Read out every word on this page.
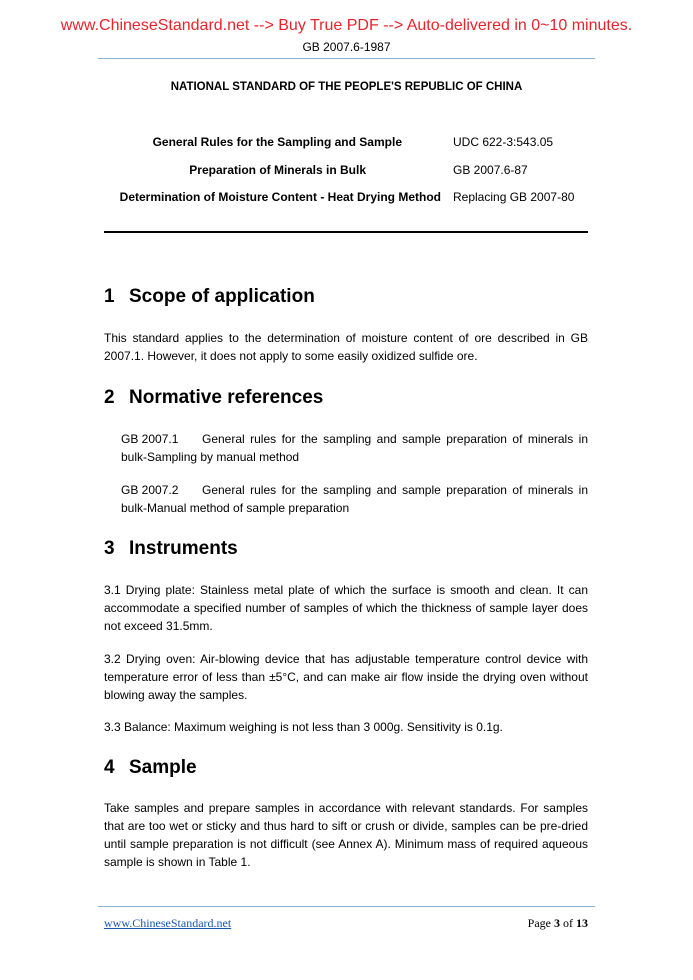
www.ChineseStandard.net --> Buy True PDF --> Auto-delivered in 0~10 minutes.
GB 2007.6-1987
NATIONAL STANDARD OF THE PEOPLE'S REPUBLIC OF CHINA
General Rules for the Sampling and Sample	UDC 622-3:543.05
Preparation of Minerals in Bulk	GB 2007.6-87
Determination of Moisture Content - Heat Drying Method Replacing GB 2007-80
1 Scope of application
This standard applies to the determination of moisture content of ore described in GB 2007.1. However, it does not apply to some easily oxidized sulfide ore.
2 Normative references
GB 2007.1 General rules for the sampling and sample preparation of minerals in bulk-Sampling by manual method
GB 2007.2 General rules for the sampling and sample preparation of minerals in bulk-Manual method of sample preparation
3 Instruments
3.1 Drying plate: Stainless metal plate of which the surface is smooth and clean. It can accommodate a specified number of samples of which the thickness of sample layer does not exceed 31.5mm.
3.2 Drying oven: Air-blowing device that has adjustable temperature control device with temperature error of less than ±5°C, and can make air flow inside the drying oven without blowing away the samples.
3.3 Balance: Maximum weighing is not less than 3 000g. Sensitivity is 0.1g.
4 Sample
Take samples and prepare samples in accordance with relevant standards. For samples that are too wet or sticky and thus hard to sift or crush or divide, samples can be pre-dried until sample preparation is not difficult (see Annex A). Minimum mass of required aqueous sample is shown in Table 1.
www.ChineseStandard.net	Page 3 of 13
